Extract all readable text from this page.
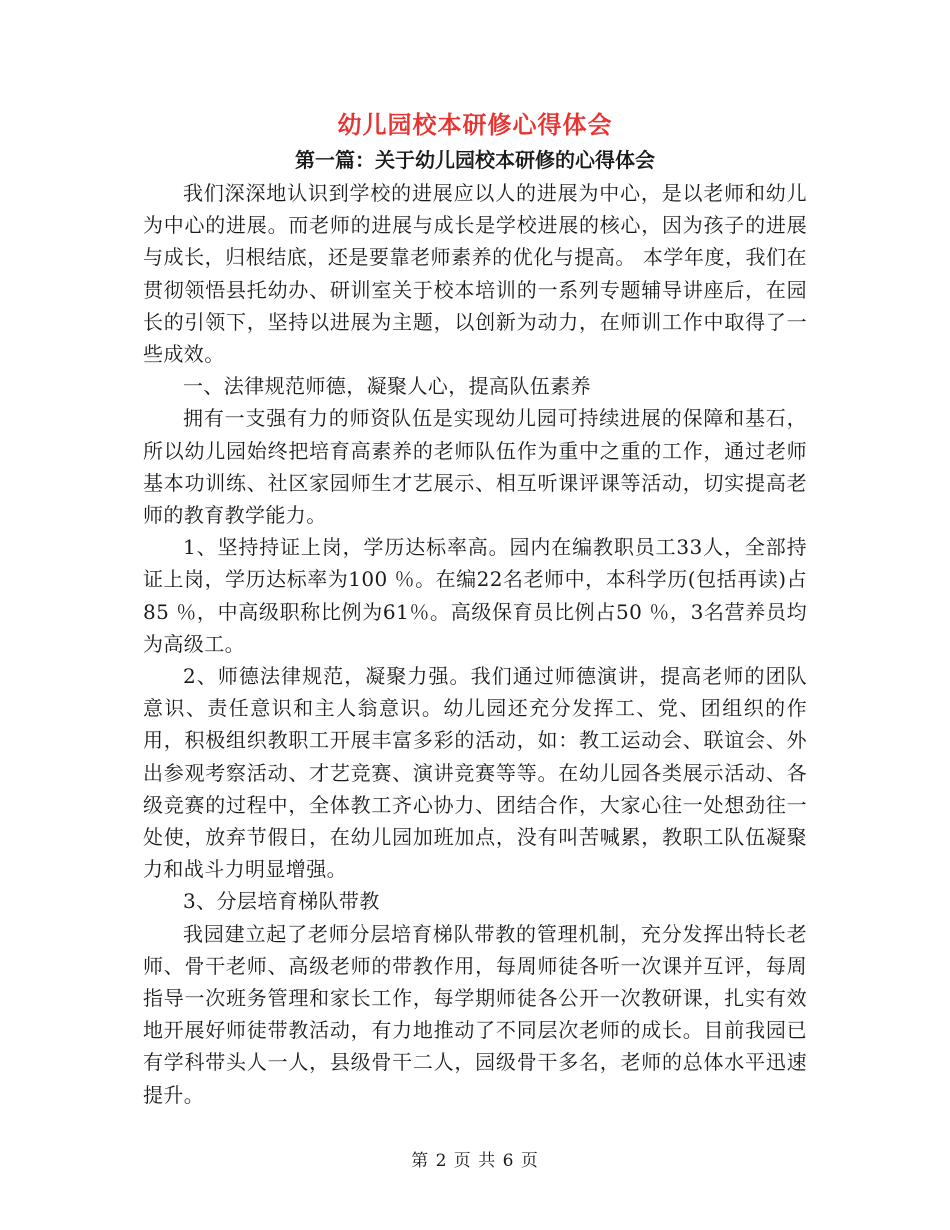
幼儿园校本研修心得体会
第一篇：关于幼儿园校本研修的心得体会

我们深深地认识到学校的进展应以人的进展为中心，是以老师和幼儿为中心的进展。而老师的进展与成长是学校进展的核心，因为孩子的进展与成长，归根结底，还是要靠老师素养的优化与提高。 本学年度，我们在贯彻领悟县托幼办、研训室关于校本培训的一系列专题辅导讲座后，在园长的引领下，坚持以进展为主题，以创新为动力，在师训工作中取得了一些成效。

一、法律规范师德，凝聚人心，提高队伍素养

拥有一支强有力的师资队伍是实现幼儿园可持续进展的保障和基石，所以幼儿园始终把培育高素养的老师队伍作为重中之重的工作，通过老师基本功训练、社区家园师生才艺展示、相互听课评课等活动，切实提高老师的教育教学能力。

1、坚持持证上岗，学历达标率高。园内在编教职员工33人，全部持证上岗，学历达标率为100 ％。在编22名老师中，本科学历(包括再读)占85 ％，中高级职称比例为61％。高级保育员比例占50 ％，3名营养员均为高级工。

2、师德法律规范，凝聚力强。我们通过师德演讲，提高老师的团队意识、责任意识和主人翁意识。幼儿园还充分发挥工、党、团组织的作用，积极组织教职工开展丰富多彩的活动，如：教工运动会、联谊会、外出参观考察活动、才艺竞赛、演讲竞赛等等。在幼儿园各类展示活动、各级竞赛的过程中，全体教工齐心协力、团结合作，大家心往一处想劲往一处使，放弃节假日，在幼儿园加班加点，没有叫苦喊累，教职工队伍凝聚力和战斗力明显增强。

3、分层培育梯队带教

我园建立起了老师分层培育梯队带教的管理机制，充分发挥出特长老师、骨干老师、高级老师的带教作用，每周师徒各听一次课并互评，每周指导一次班务管理和家长工作，每学期师徒各公开一次教研课，扎实有效地开展好师徒带教活动，有力地推动了不同层次老师的成长。目前我园已有学科带头人一人，县级骨干二人，园级骨干多名，老师的总体水平迅速提升。

第 2 页 共 6 页
